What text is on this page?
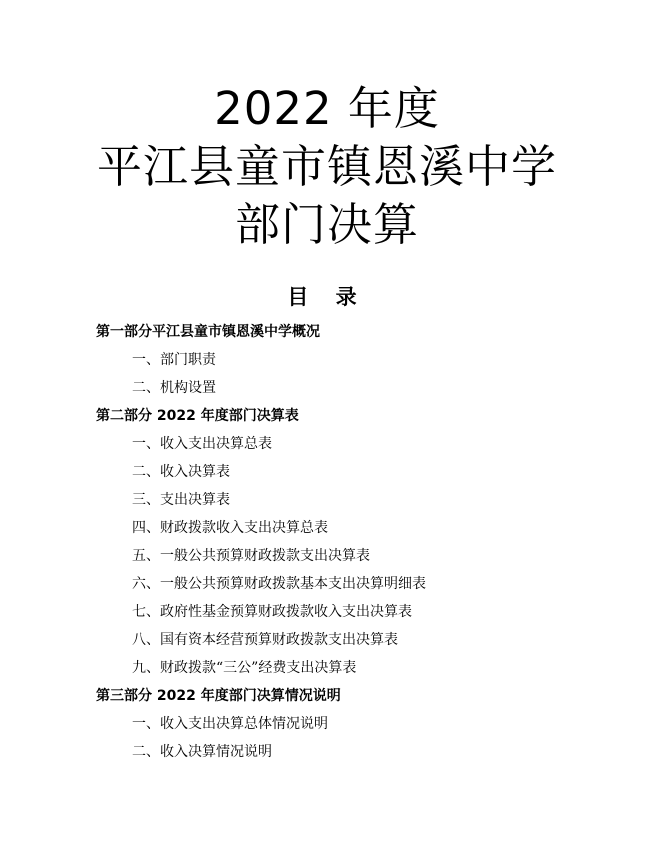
2022 年度
平江县童市镇恩溪中学
部门决算
目 录
第一部分平江县童市镇恩溪中学概况
一、部门职责
二、机构设置
第二部分 2022 年度部门决算表
一、收入支出决算总表
二、收入决算表
三、支出决算表
四、财政拨款收入支出决算总表
五、一般公共预算财政拨款支出决算表
六、一般公共预算财政拨款基本支出决算明细表
七、政府性基金预算财政拨款收入支出决算表
八、国有资本经营预算财政拨款支出决算表
九、财政拨款“三公”经费支出决算表
第三部分 2022 年度部门决算情况说明
一、收入支出决算总体情况说明
二、收入决算情况说明
